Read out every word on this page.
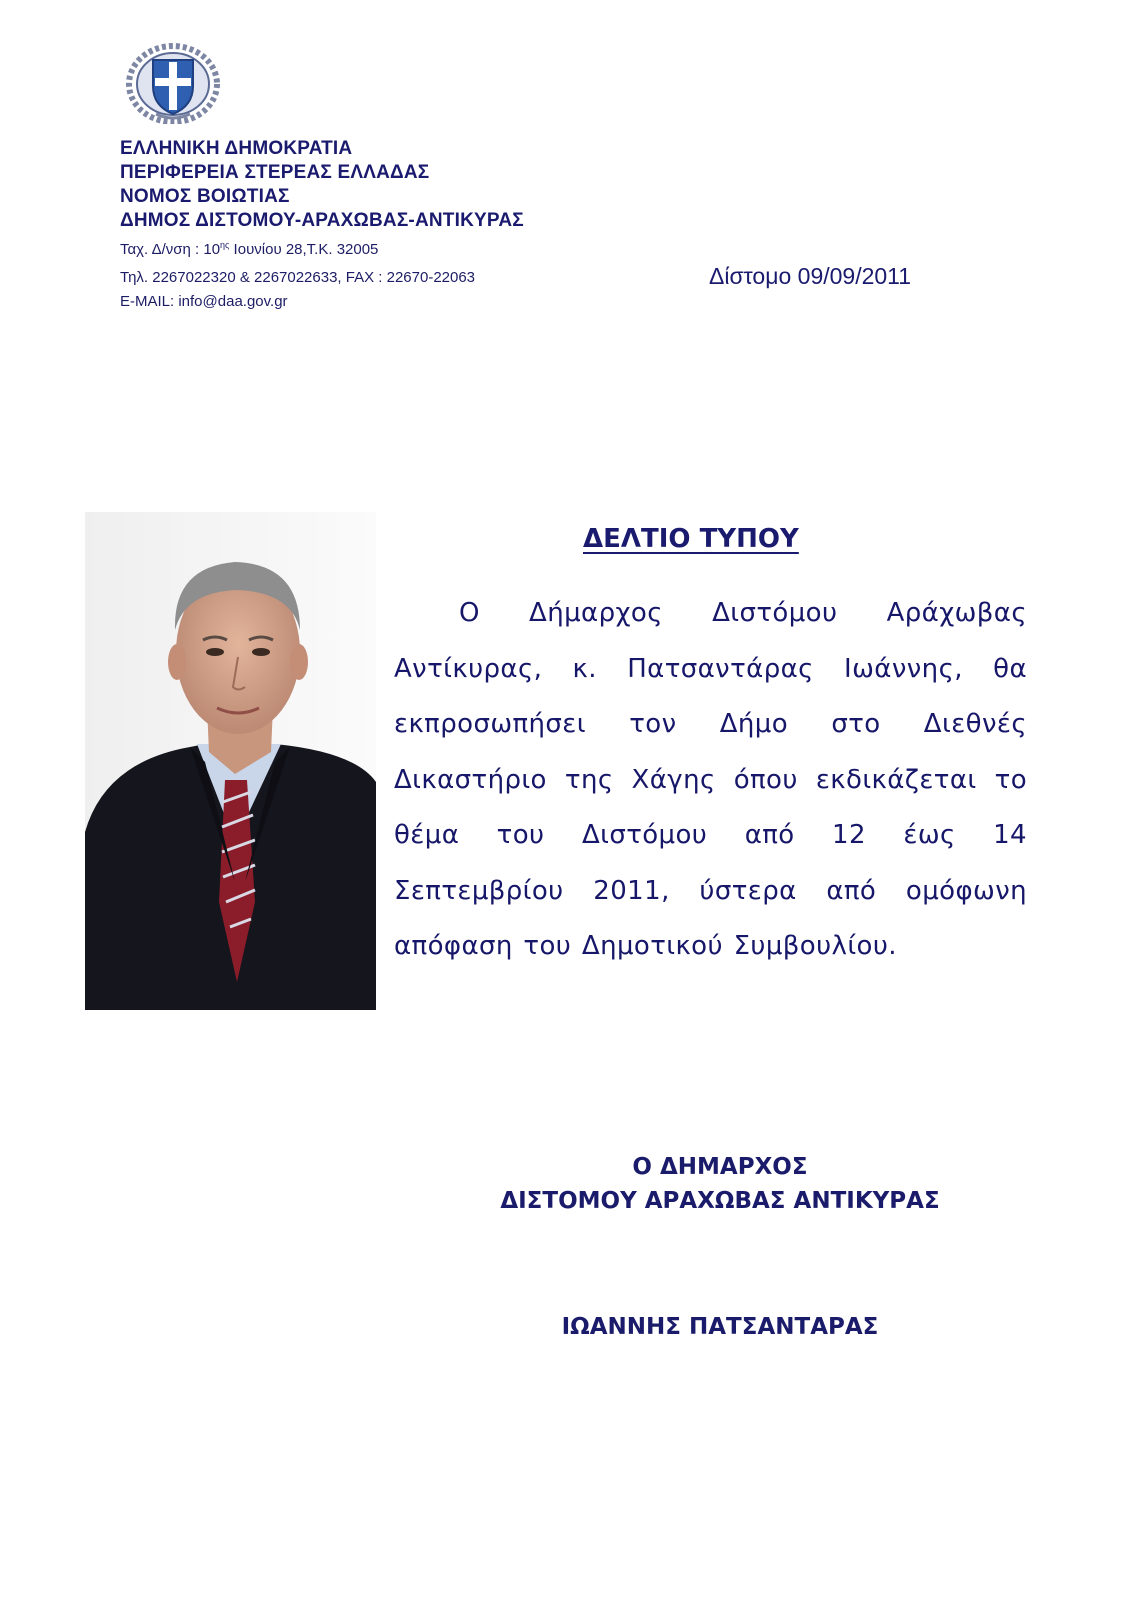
ΕΛΛΗΝΙΚΗ ΔΗΜΟΚΡΑΤΙΑ
ΠΕΡΙΦΕΡΕΙΑ ΣΤΕΡΕΑΣ ΕΛΛΑΔΑΣ
ΝΟΜΟΣ ΒΟΙΩΤΙΑΣ
ΔΗΜΟΣ ΔΙΣΤΟΜΟΥ-ΑΡΑΧΩΒΑΣ-ΑΝΤΙΚΥΡΑΣ
Ταχ. Δ/νση : $10^{\eta\varsigma}$ Ιουνίου 28,Τ.Κ. 32005
Τηλ. 2267022320 & 2267022633, FAX : 22670-22063
E-MAIL: info@daa.gov.gr
Δίστομο 09/09/2011
ΔΕΛΤΙΟ ΤΥΠΟΥ
Ο Δήμαρχος Διστόμου Αράχωβας Αντίκυρας, κ. Πατσαντάρας Ιωάννης, θα εκπροσωπήσει τον Δήμο στο Διεθνές Δικαστήριο της Χάγης όπου εκδικάζεται το θέμα του Διστόμου από 12 έως 14 Σεπτεμβρίου 2011, ύστερα από ομόφωνη απόφαση του Δημοτικού Συμβουλίου.
Ο ΔΗΜΑΡΧΟΣ
ΔΙΣΤΟΜΟΥ ΑΡΑΧΩΒΑΣ ΑΝΤΙΚΥΡΑΣ
ΙΩΑΝΝΗΣ ΠΑΤΣΑΝΤΑΡΑΣ
